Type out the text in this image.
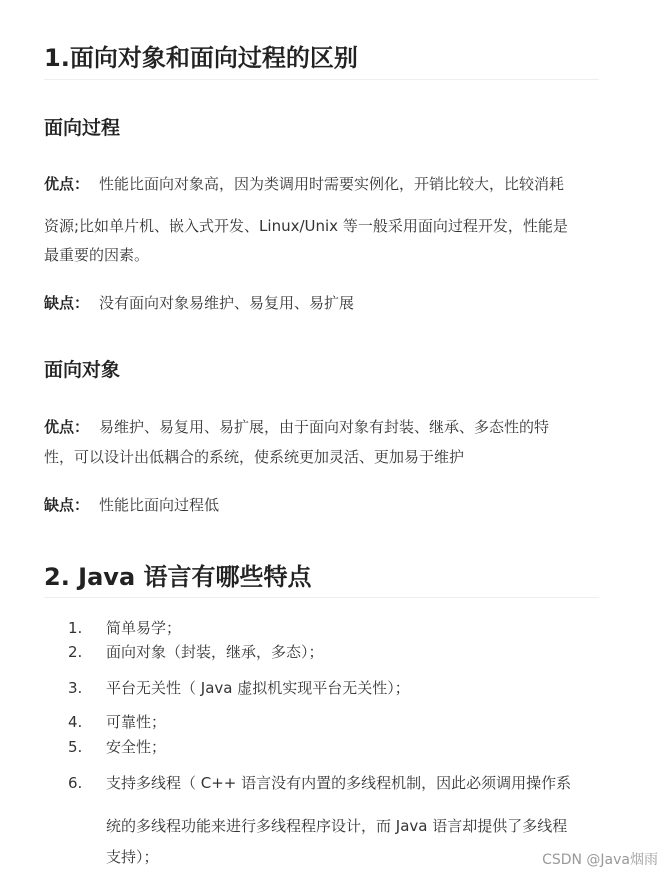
1.面向对象和面向过程的区别
面向过程
优点： 性能比面向对象高，因为类调用时需要实例化，开销比较大，比较消耗
资源;比如单片机、嵌入式开发、Linux/Unix 等一般采用面向过程开发，性能是
最重要的因素。
缺点： 没有面向对象易维护、易复用、易扩展
面向对象
优点： 易维护、易复用、易扩展，由于面向对象有封装、继承、多态性的特
性，可以设计出低耦合的系统，使系统更加灵活、更加易于维护
缺点： 性能比面向过程低
2. Java 语言有哪些特点
1. 简单易学；
2. 面向对象（封装，继承，多态）；
3. 平台无关性（ Java 虚拟机实现平台无关性）；
4. 可靠性；
5. 安全性；
6. 支持多线程（ C++ 语言没有内置的多线程机制，因此必须调用操作系
统的多线程功能来进行多线程程序设计，而 Java 语言却提供了多线程
支持）；	CSDN @Java烟雨
